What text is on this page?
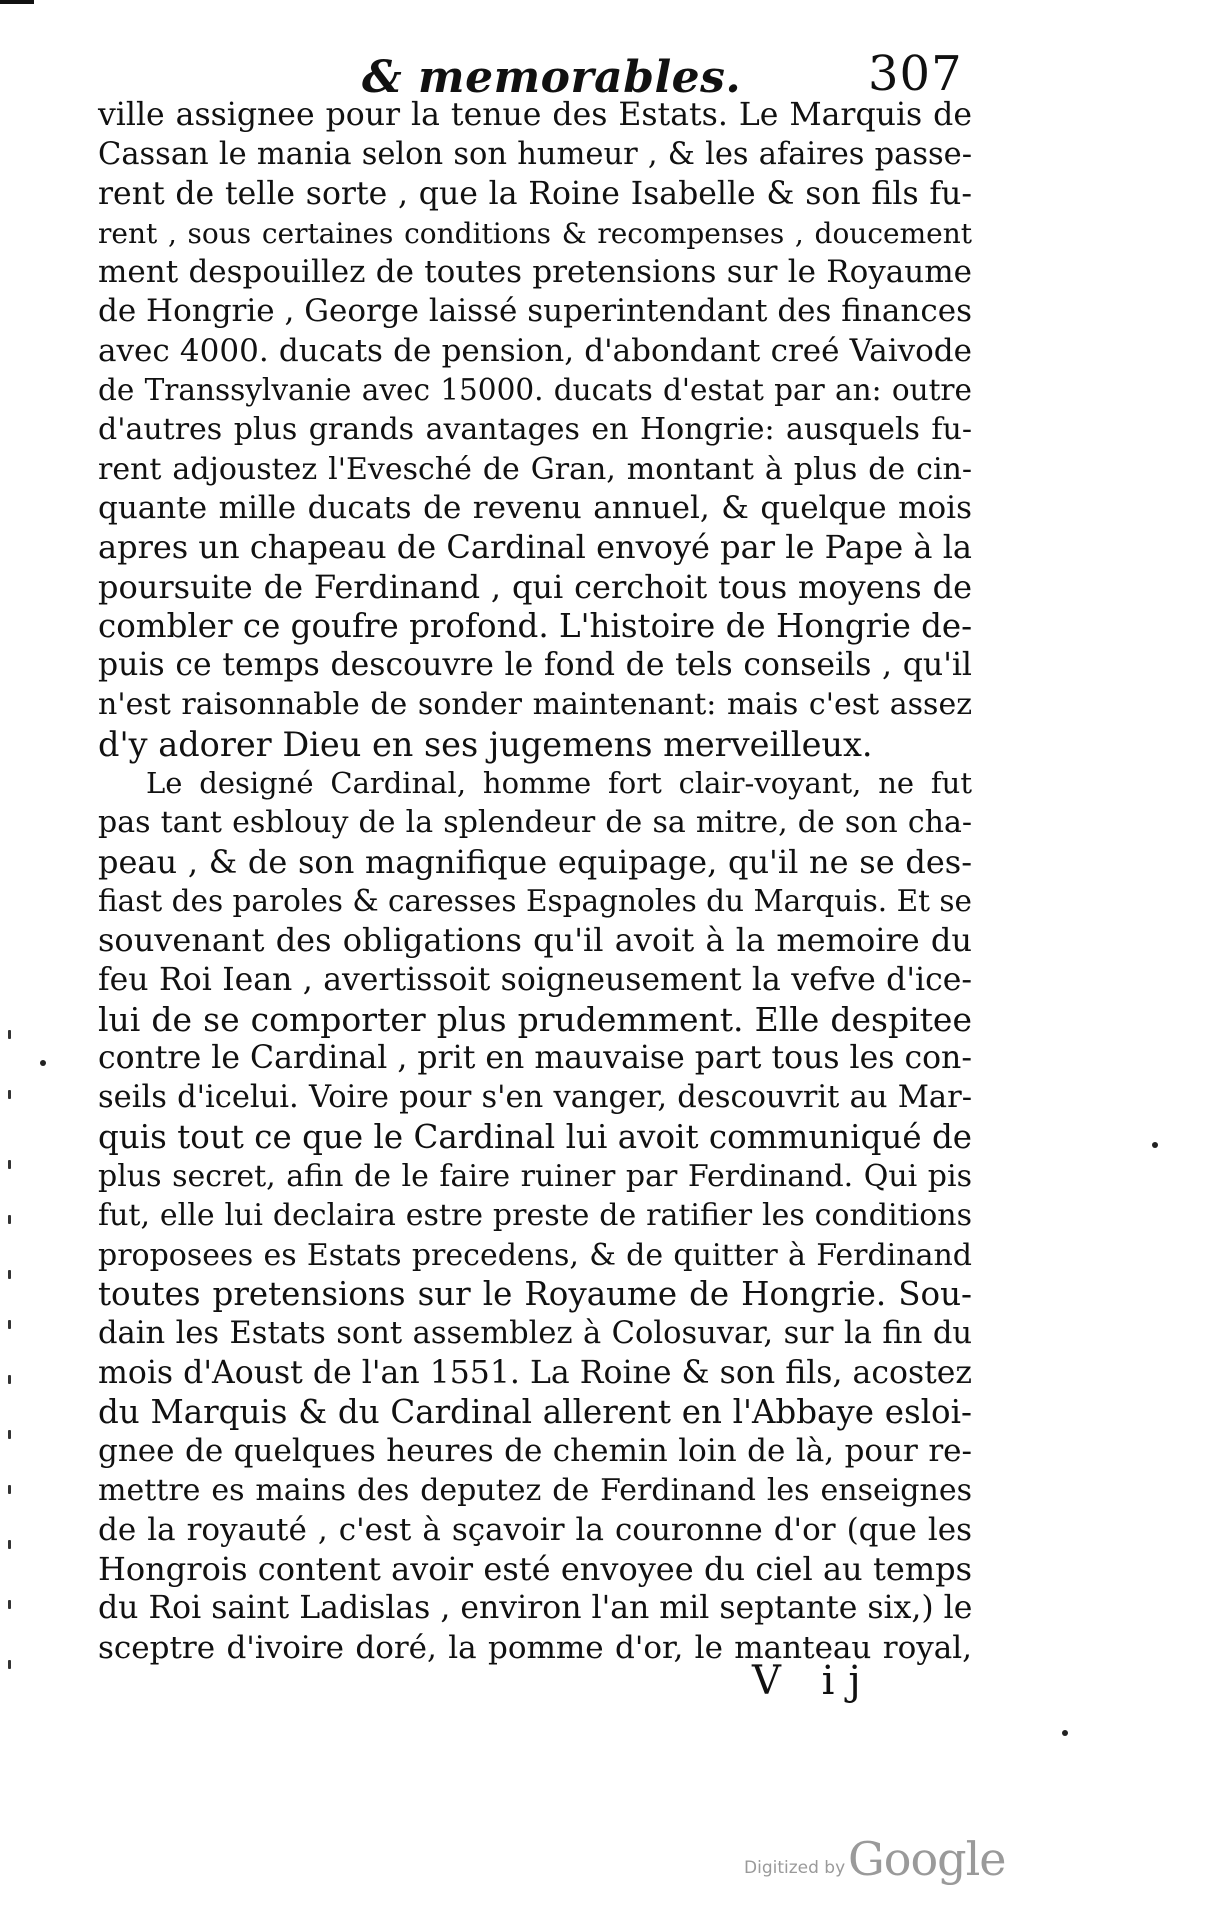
& memorables.	307
ville assignee pour la tenue des Estats. Le Marquis de
Cassan le mania selon son humeur , & les afaires passe-
rent de telle sorte , que la Roine Isabelle & son fils fu-
rent , sous certaines conditions & recompenses , doucement
ment despouillez de toutes pretensions sur le Royaume
de Hongrie , George laissé superintendant des finances
avec 4000. ducats de pension, d'abondant creé Vaivode
de Transsylvanie avec 15000. ducats d'estat par an: outre
d'autres plus grands avantages en Hongrie: ausquels fu-
rent adjoustez l'Evesché de Gran, montant à plus de cin-
quante mille ducats de revenu annuel, & quelque mois
apres un chapeau de Cardinal envoyé par le Pape à la
poursuite de Ferdinand , qui cerchoit tous moyens de
combler ce goufre profond. L'histoire de Hongrie de-
puis ce temps descouvre le fond de tels conseils , qu'il
n'est raisonnable de sonder maintenant: mais c'est assez
d'y adorer Dieu en ses jugemens merveilleux.
Le designé Cardinal, homme fort clair-voyant, ne fut
pas tant esblouy de la splendeur de sa mitre, de son cha-
peau , & de son magnifique equipage, qu'il ne se des-
fiast des paroles & caresses Espagnoles du Marquis. Et se
souvenant des obligations qu'il avoit à la memoire du
feu Roi Iean , avertissoit soigneusement la vefve d'ice-
lui de se comporter plus prudemment. Elle despitee
contre le Cardinal , prit en mauvaise part tous les con-
seils d'icelui. Voire pour s'en vanger, descouvrit au Mar-
quis tout ce que le Cardinal lui avoit communiqué de
plus secret, afin de le faire ruiner par Ferdinand. Qui pis
fut, elle lui declaira estre preste de ratifier les conditions
proposees es Estats precedens, & de quitter à Ferdinand
toutes pretensions sur le Royaume de Hongrie. Sou-
dain les Estats sont assemblez à Colosuvar, sur la fin du
mois d'Aoust de l'an 1551. La Roine & son fils, acostez
du Marquis & du Cardinal allerent en l'Abbaye esloi-
gnee de quelques heures de chemin loin de là, pour re-
mettre es mains des deputez de Ferdinand les enseignes
de la royauté , c'est à sçavoir la couronne d'or (que les
Hongrois content avoir esté envoyee du ciel au temps
du Roi saint Ladislas , environ l'an mil septante six,) le
sceptre d'ivoire doré, la pomme d'or, le manteau royal,
V ij
Digitized by Google
